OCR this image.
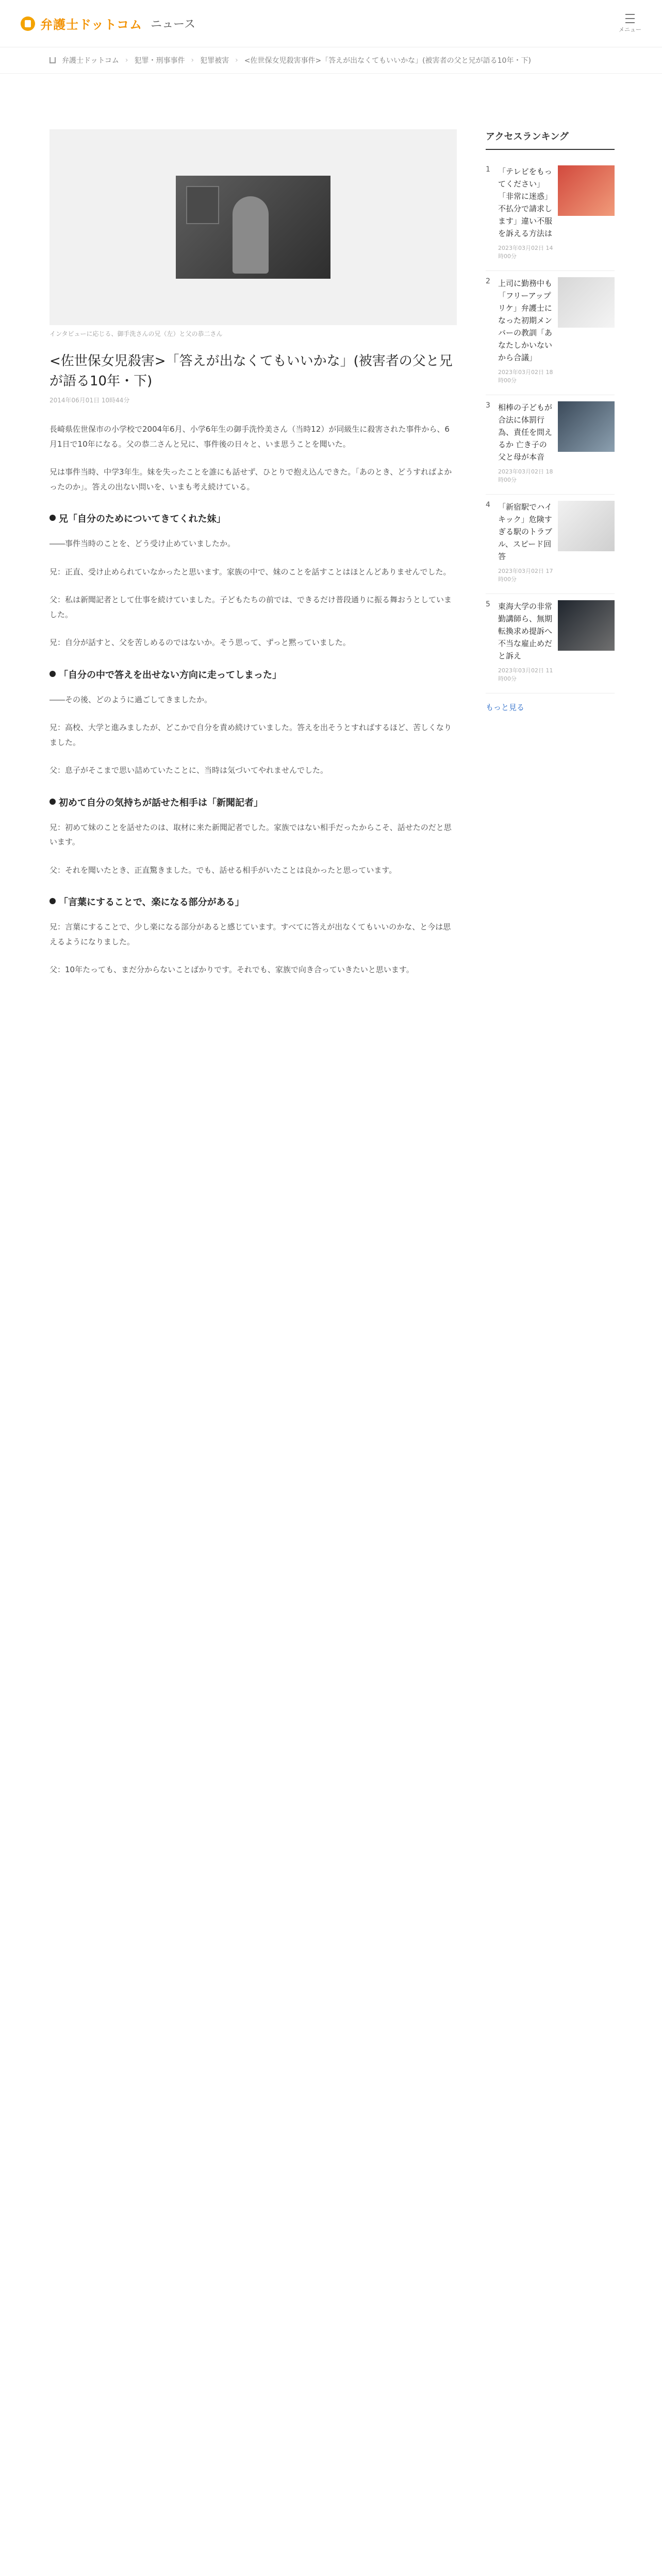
弁護士ドットコム ニュース	メニュー
弁護士ドットコム › 犯罪・刑事事件 › 犯罪被害 › <佐世保女児殺害事件>「答えが出なくてもいいかな」(被害者の父と兄が語る10年・下)
インタビューに応じる、御手洗さんの兄（左）と父の恭二さん
<佐世保女児殺害>「答えが出なくてもいいかな」(被害者の父と兄が語る10年・下)
2014年06月01日 10時44分

長崎県佐世保市の小学校で2004年6月、小学6年生の御手洗怜美さん（当時12）が同級生に殺害された事件から、6月1日で10年になる。父の恭二さんと兄に、事件後の日々と、いま思うことを聞いた。

兄は事件当時、中学3年生。妹を失ったことを誰にも話せず、ひとりで抱え込んできた。「あのとき、どうすればよかったのか」。答えの出ない問いを、いまも考え続けている。

兄「自分のためについてきてくれた妹」

――事件当時のことを、どう受け止めていましたか。

兄：正直、受け止められていなかったと思います。家族の中で、妹のことを話すことはほとんどありませんでした。

父：私は新聞記者として仕事を続けていました。子どもたちの前では、できるだけ普段通りに振る舞おうとしていました。

兄：自分が話すと、父を苦しめるのではないか。そう思って、ずっと黙っていました。

「自分の中で答えを出せない方向に走ってしまった」

――その後、どのように過ごしてきましたか。

兄：高校、大学と進みましたが、どこかで自分を責め続けていました。答えを出そうとすればするほど、苦しくなりました。

父：息子がそこまで思い詰めていたことに、当時は気づいてやれませんでした。

初めて自分の気持ちが話せた相手は「新聞記者」

兄：初めて妹のことを話せたのは、取材に来た新聞記者でした。家族ではない相手だったからこそ、話せたのだと思います。

父：それを聞いたとき、正直驚きました。でも、話せる相手がいたことは良かったと思っています。

「言葉にすることで、楽になる部分がある」

兄：言葉にすることで、少し楽になる部分があると感じています。すべてに答えが出なくてもいいのかな、と今は思えるようになりました。

父：10年たっても、まだ分からないことばかりです。それでも、家族で向き合っていきたいと思います。

アクセスランキング
1	「テレビをもってください」「非常に迷惑」不払分で請求します」違い不服を訴える方法は
2023年03月02日 14時00分
2	上司に勤務中も「フリーアップリケ」弁護士になった初期メンバーの教訓「あなたしかいないから合議」
2023年03月02日 18時00分
3	相棒の子どもが合法に体罰行為、責任を問えるか 亡き子の父と母が本音
2023年03月02日 18時00分
4	「新宿駅でハイキック」危険すぎる駅のトラブル、スピード回答
2023年03月02日 17時00分
5	東海大学の非常勤講師ら、無期転換求め提訴へ 不当な雇止めだと訴え
2023年03月02日 11時00分
もっと見る
